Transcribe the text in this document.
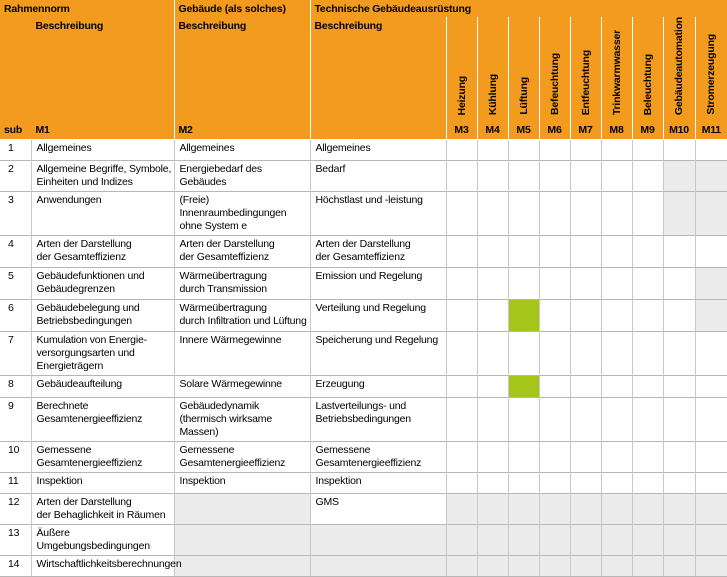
Rahmennorm		Gebäude (als solches)	Technische Gebäudeausrüstung									
	Beschreibung	Beschreibung	Beschreibung	Heizung	Kühlung	Lüftung	Befeuchtung	Entfeuchtung	Trinkwarmwasser	Beleuchtung	Gebäudeautomation	Stromerzeugung
sub	M1	M2		M3	M4	M5	M6	M7	M8	M9	M10	M11
1	Allgemeines	Allgemeines	Allgemeines									
2	Allgemeine Begriffe, Symbole,
Einheiten und Indizes	Energiebedarf des Gebäudes	Bedarf									
3	Anwendungen	(Freie) Innenraumbedingungen
ohne System e	Höchstlast und -leistung									
4	Arten der Darstellung
der Gesamteffizienz	Arten der Darstellung
der Gesamteffizienz	Arten der Darstellung
der Gesamteffizienz									
5	Gebäudefunktionen und
Gebäudegrenzen	Wärmeübertragung
durch Transmission	Emission und Regelung									
6	Gebäudebelegung und
Betriebsbedingungen	Wärmeübertragung
durch Infiltration und Lüftung	Verteilung und Regelung									
7	Kumulation von Energie-
versorgungsarten und
Energieträgern	Innere Wärmegewinne	Speicherung und Regelung									
8	Gebäudeaufteilung	Solare Wärmegewinne	Erzeugung									
9	Berechnete
Gesamtenergieeffizienz	Gebäudedynamik
(thermisch wirksame Massen)	Lastverteilungs- und
Betriebsbedingungen									
10	Gemessene
Gesamtenergieeffizienz	Gemessene
Gesamtenergieeffizienz	Gemessene
Gesamtenergieeffizienz									
11	Inspektion	Inspektion	Inspektion									
12	Arten der Darstellung
der Behaglichkeit in Räumen		GMS									
13	Äußere Umgebungsbedingungen											
14	Wirtschaftlichkeitsberechnungen											
